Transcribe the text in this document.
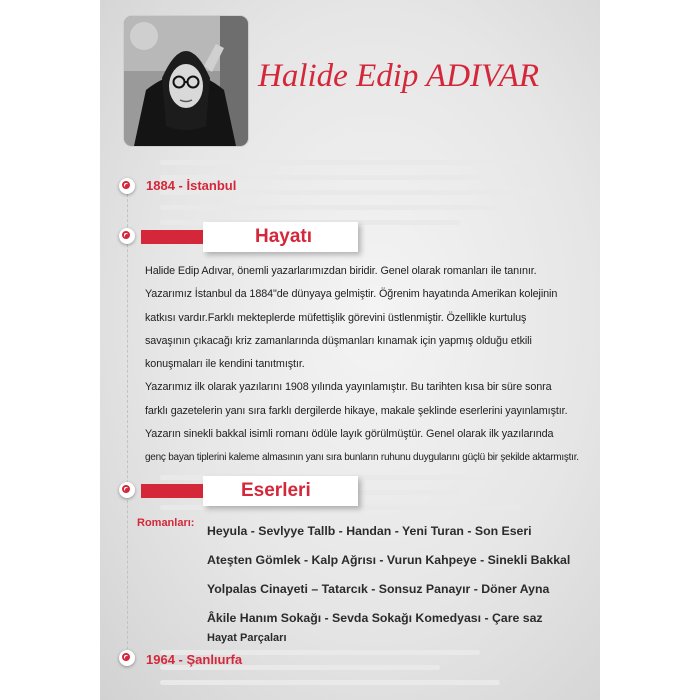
Halide Edip ADIVAR
1884 - İstanbul
Hayatı
Halide Edip Adıvar, önemli yazarlarımızdan biridir. Genel olarak romanları ile tanınır.
Yazarımız İstanbul da 1884"de dünyaya gelmiştir. Öğrenim hayatında Amerikan kolejinin
katkısı vardır.Farklı mekteplerde müfettişlik görevini üstlenmiştir. Özellikle kurtuluş
savaşının çıkacağı kriz zamanlarında düşmanları kınamak için yapmış olduğu etkili
konuşmaları ile kendini tanıtmıştır.
Yazarımız ilk olarak yazılarını 1908 yılında yayınlamıştır. Bu tarihten kısa bir süre sonra
farklı gazetelerin yanı sıra farklı dergilerde hikaye, makale şeklinde eserlerini yayınlamıştır.
Yazarın sinekli bakkal isimli romanı ödüle layık görülmüştür. Genel olarak ilk yazılarında
genç bayan tiplerini kaleme almasının yanı sıra bunların ruhunu duygularını güçlü bir şekilde aktarmıştır.
Eserleri
Romanları:
Heyula - Sevlyye Tallb - Handan - Yeni Turan - Son Eseri
Ateşten Gömlek - Kalp Ağrısı - Vurun Kahpeye - Sinekli Bakkal
Yolpalas Cinayeti – Tatarcık - Sonsuz Panayır - Döner Ayna
Âkile Hanım Sokağı - Sevda Sokağı Komedyası - Çare saz
Hayat Parçaları
1964 - Şanlıurfa
